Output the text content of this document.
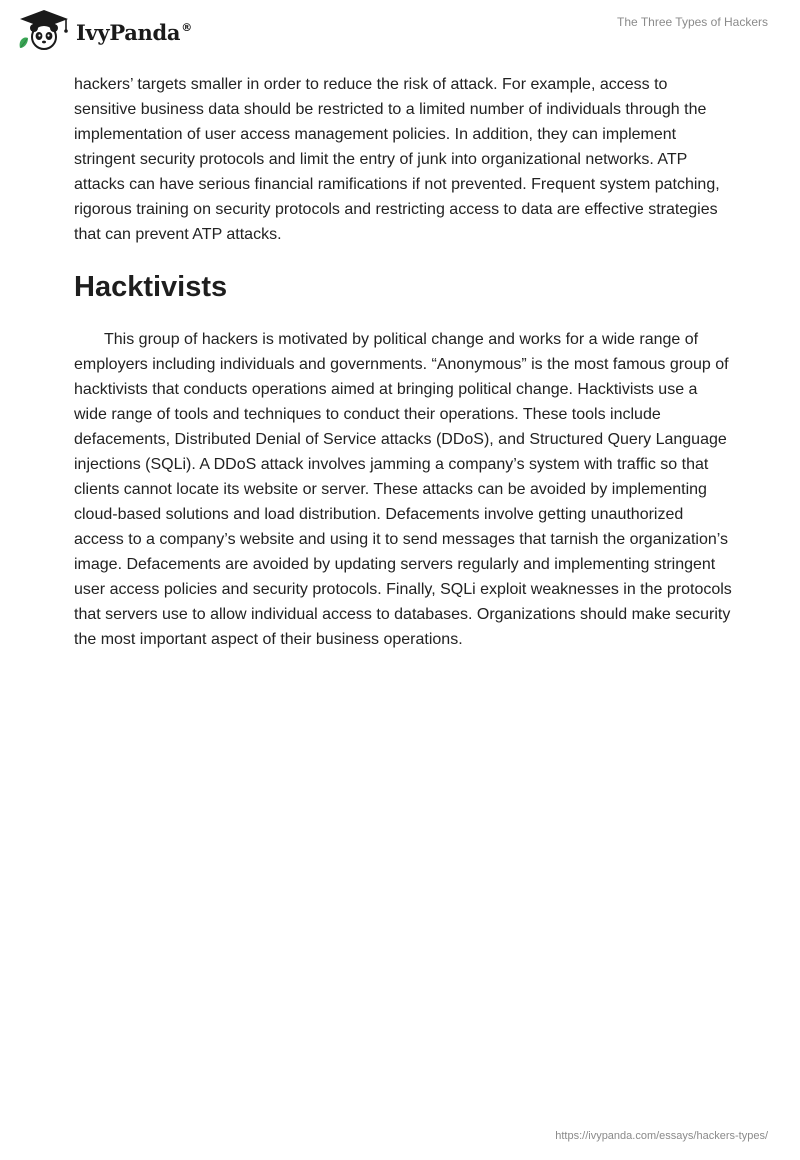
IvyPanda®	The Three Types of Hackers

hackers’ targets smaller in order to reduce the risk of attack. For example, access to sensitive business data should be restricted to a limited number of individuals through the implementation of user access management policies. In addition, they can implement stringent security protocols and limit the entry of junk into organizational networks. ATP attacks can have serious financial ramifications if not prevented. Frequent system patching, rigorous training on security protocols and restricting access to data are effective strategies that can prevent ATP attacks.

Hacktivists

This group of hackers is motivated by political change and works for a wide range of employers including individuals and governments. “Anonymous” is the most famous group of hacktivists that conducts operations aimed at bringing political change. Hacktivists use a wide range of tools and techniques to conduct their operations. These tools include defacements, Distributed Denial of Service attacks (DDoS), and Structured Query Language injections (SQLi). A DDoS attack involves jamming a company’s system with traffic so that clients cannot locate its website or server. These attacks can be avoided by implementing cloud-based solutions and load distribution. Defacements involve getting unauthorized access to a company’s website and using it to send messages that tarnish the organization’s image. Defacements are avoided by updating servers regularly and implementing stringent user access policies and security protocols. Finally, SQLi exploit weaknesses in the protocols that servers use to allow individual access to databases. Organizations should make security the most important aspect of their business operations.

https://ivypanda.com/essays/hackers-types/
